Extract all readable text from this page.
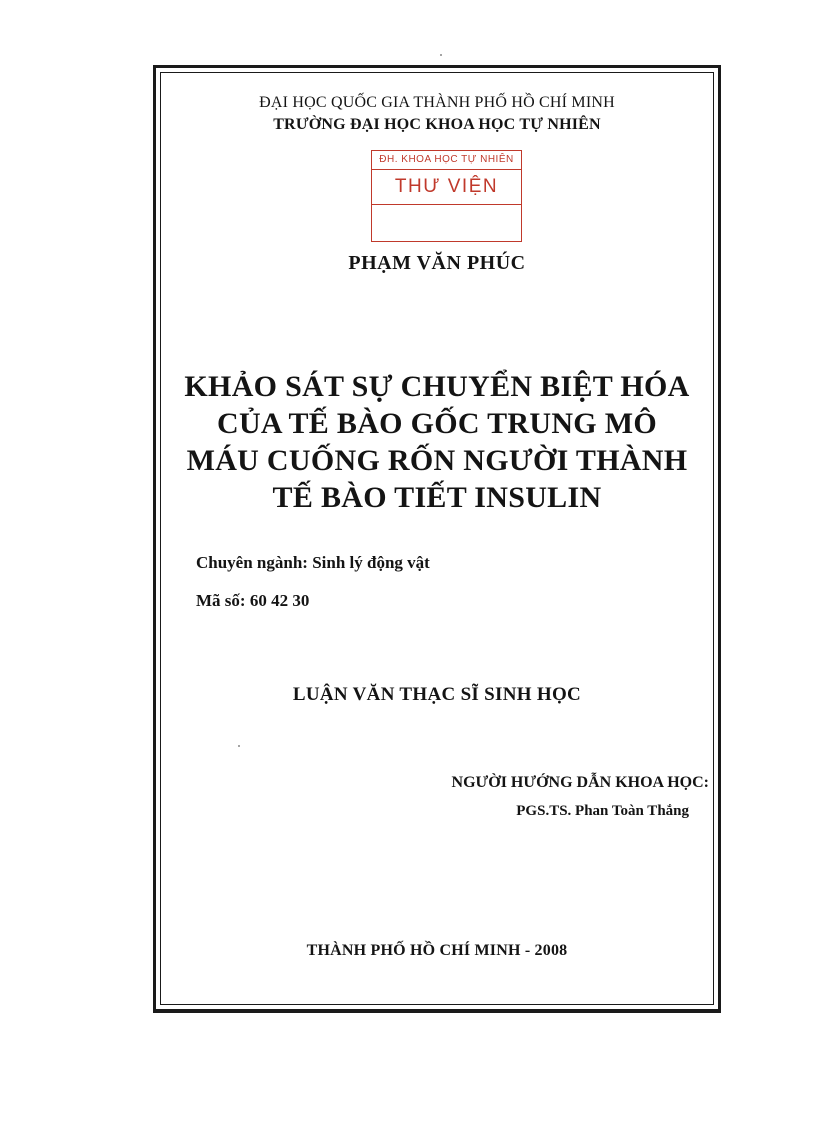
ĐẠI HỌC QUỐC GIA THÀNH PHỐ HỒ CHÍ MINH
TRƯỜNG ĐẠI HỌC KHOA HỌC TỰ NHIÊN
ĐH. KHOA HỌC TỰ NHIÊN
THƯ VIỆN
PHẠM VĂN PHÚC
KHẢO SÁT SỰ CHUYỂN BIỆT HÓA
CỦA TẾ BÀO GỐC TRUNG MÔ
MÁU CUỐNG RỐN NGƯỜI THÀNH
TẾ BÀO TIẾT INSULIN
Chuyên ngành: Sinh lý động vật
Mã số: 60 42 30
LUẬN VĂN THẠC SĨ SINH HỌC
NGƯỜI HƯỚNG DẪN KHOA HỌC:
PGS.TS. Phan Toàn Thắng
THÀNH PHỐ HỒ CHÍ MINH - 2008
